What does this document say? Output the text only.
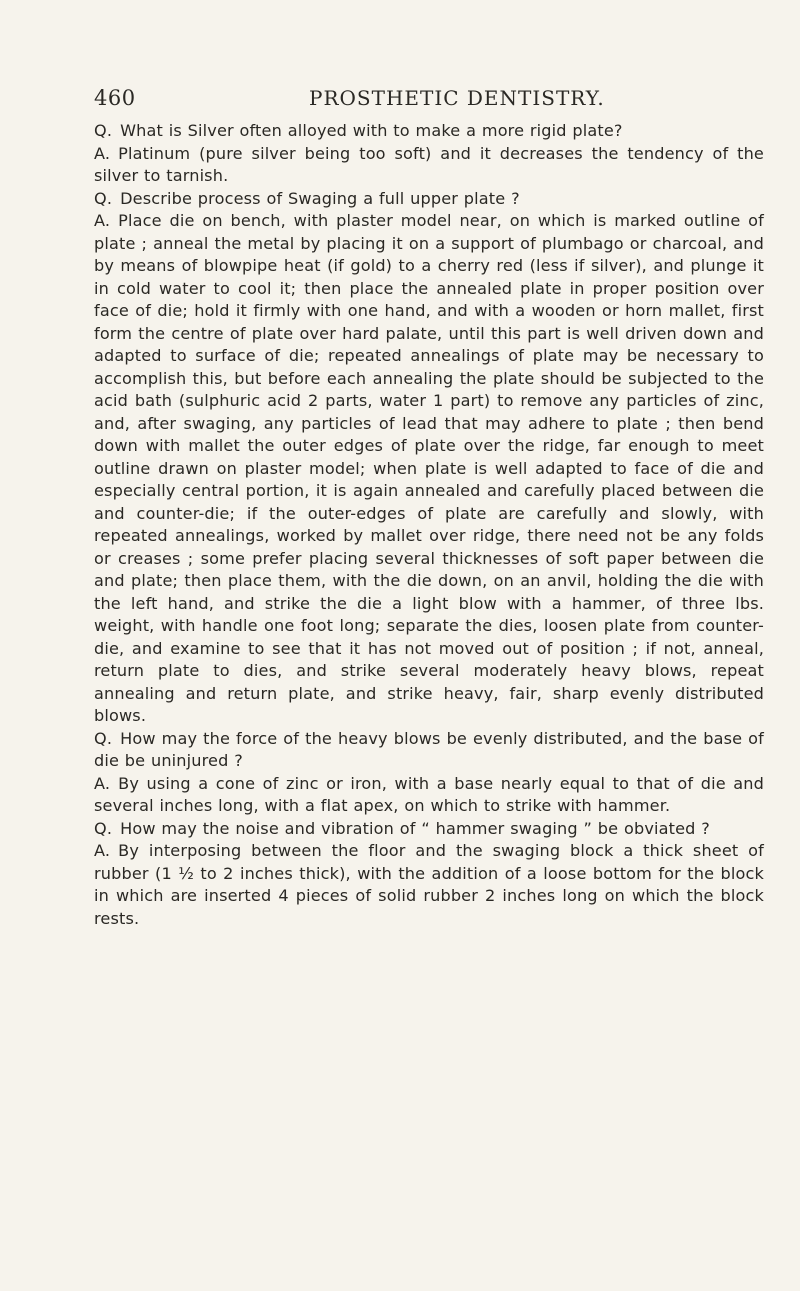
460	PROSTHETIC DENTISTRY.

Q. What is Silver often alloyed with to make a more rigid plate?

A. Platinum (pure silver being too soft) and it decreases the tendency of the silver to tarnish.

Q. Describe process of Swaging a full upper plate ?

A. Place die on bench, with plaster model near, on which is marked outline of plate ; anneal the metal by placing it on a support of plumbago or charcoal, and by means of blowpipe heat (if gold) to a cherry red (less if silver), and plunge it in cold water to cool it; then place the annealed plate in proper position over face of die; hold it firmly with one hand, and with a wooden or horn mallet, first form the centre of plate over hard palate, until this part is well driven down and adapted to surface of die; repeated annealings of plate may be necessary to accomplish this, but before each annealing the plate should be subjected to the acid bath (sulphuric acid 2 parts, water 1 part) to remove any particles of zinc, and, after swaging, any particles of lead that may adhere to plate ; then bend down with mallet the outer edges of plate over the ridge, far enough to meet outline drawn on plaster model; when plate is well adapted to face of die and especially central portion, it is again annealed and carefully placed between die and counter-die; if the outer-edges of plate are carefully and slowly, with repeated annealings, worked by mallet over ridge, there need not be any folds or creases ; some prefer placing several thicknesses of soft paper between die and plate; then place them, with the die down, on an anvil, holding the die with the left hand, and strike the die a light blow with a hammer, of three lbs. weight, with handle one foot long; separate the dies, loosen plate from counter-die, and examine to see that it has not moved out of position ; if not, anneal, return plate to dies, and strike several moderately heavy blows, repeat annealing and return plate, and strike heavy, fair, sharp evenly distributed blows.

Q. How may the force of the heavy blows be evenly distributed, and the base of die be uninjured ?

A. By using a cone of zinc or iron, with a base nearly equal to that of die and several inches long, with a flat apex, on which to strike with hammer.

Q. How may the noise and vibration of “ hammer swaging ” be obviated ?

A. By interposing between the floor and the swaging block a thick sheet of rubber (1 ½ to 2 inches thick), with the addition of a loose bottom for the block in which are inserted 4 pieces of solid rubber 2 inches long on which the block rests.
